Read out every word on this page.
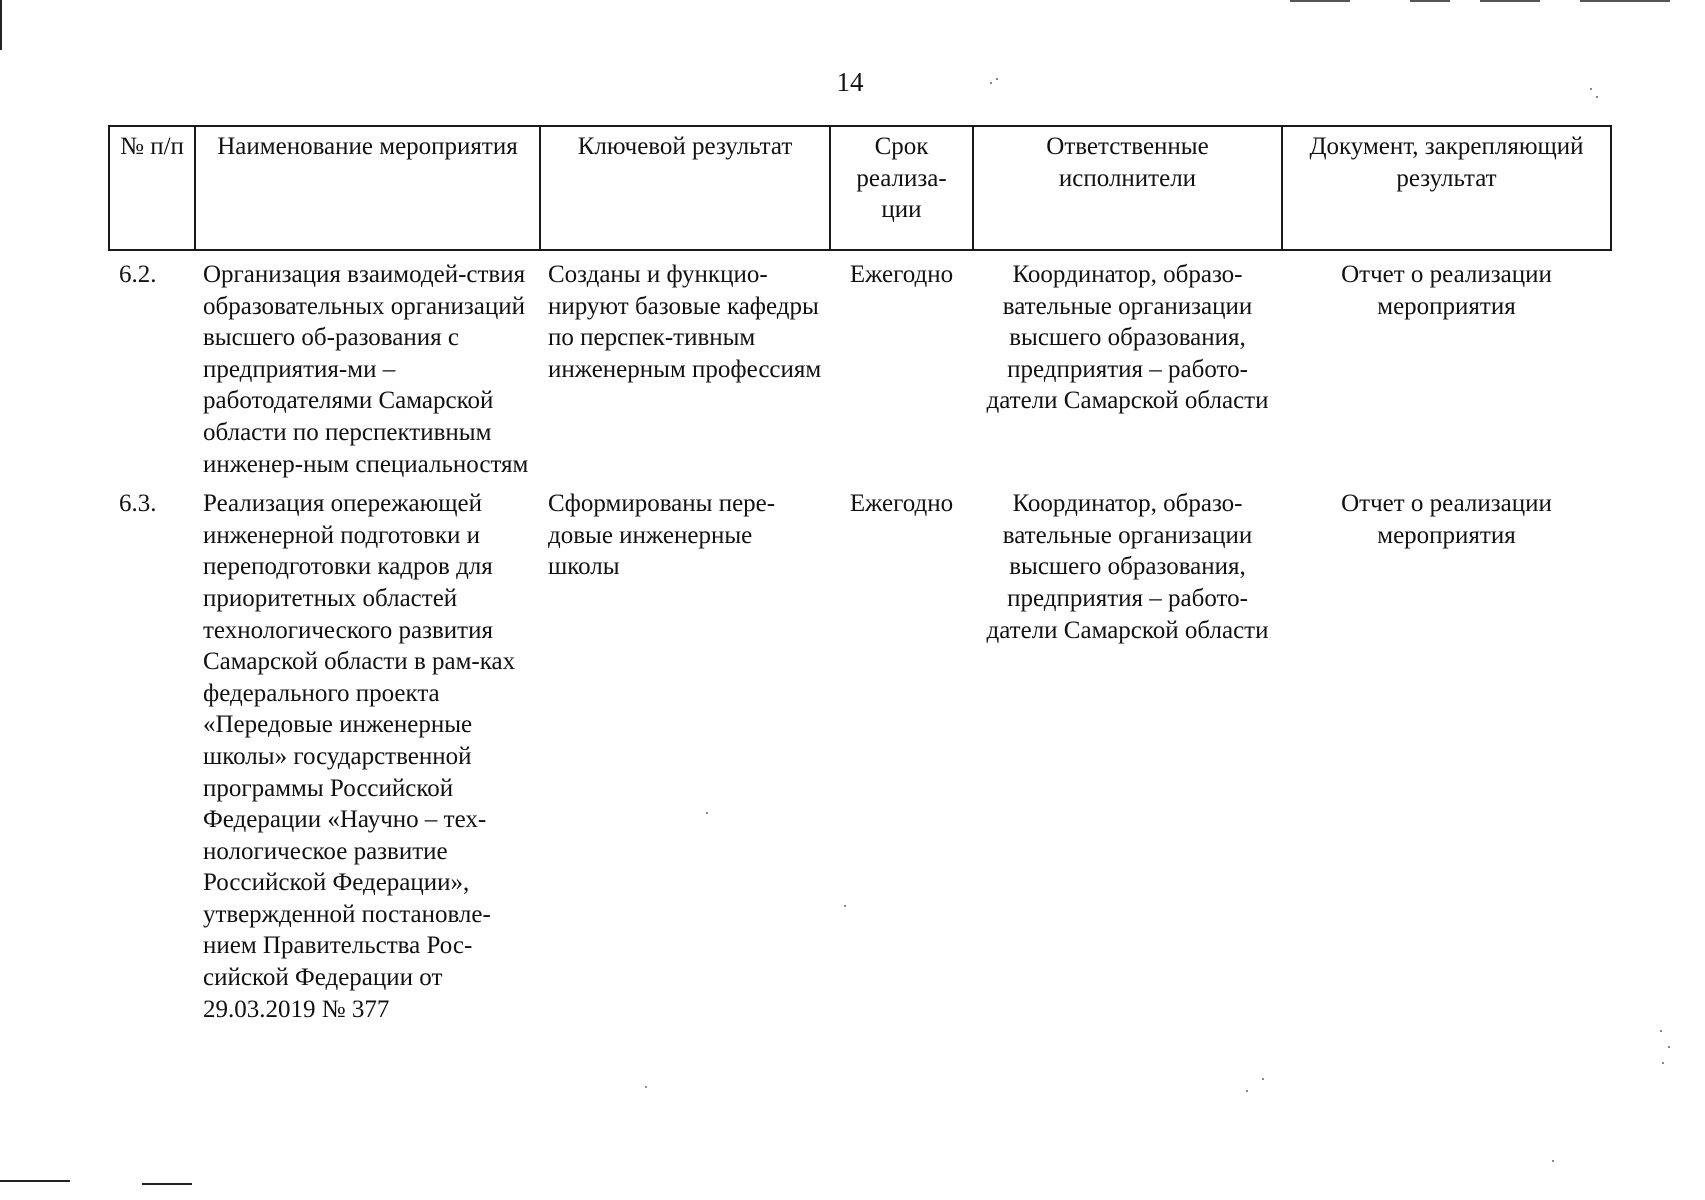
14
№ п/п	Наименование мероприятия	Ключевой результат	Срок реализа-ции	Ответственные исполнители	Документ, закрепляющий результат
6.2.	Организация взаимодей-ствия образовательных организаций высшего об-разования с предприятия-ми – работодателями Самарской области по перспективным инженер-ным специальностям	Созданы и функцио-нируют базовые кафедры по перспек-тивным инженерным профессиям	Ежегодно	Координатор, образо-вательные организации высшего образования, предприятия – работо-датели Самарской области	Отчет о реализации мероприятия
6.3.	Реализация опережающей инженерной подготовки и переподготовки кадров для приоритетных областей технологического развития Самарской области в рам-ках федерального проекта «Передовые инженерные школы» государственной программы Российской Федерации «Научно – тех-нологическое развитие Российской Федерации», утвержденной постановле-нием Правительства Рос-сийской Федерации от 29.03.2019 № 377	Сформированы пере-довые инженерные школы	Ежегодно	Координатор, образо-вательные организации высшего образования, предприятия – работо-датели Самарской области	Отчет о реализации мероприятия
